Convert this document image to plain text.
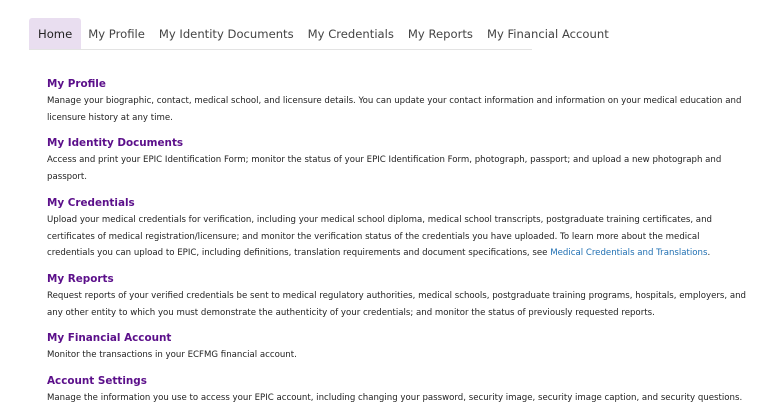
Home	My Profile	My Identity Documents	My Credentials	My Reports	My Financial Account
My Profile

Manage your biographic, contact, medical school, and licensure details. You can update your contact information and information on your medical education and licensure history at any time.

My Identity Documents

Access and print your EPIC Identification Form; monitor the status of your EPIC Identification Form, photograph, passport; and upload a new photograph and passport.

My Credentials

Upload your medical credentials for verification, including your medical school diploma, medical school transcripts, postgraduate training certificates, and certificates of medical registration/licensure; and monitor the verification status of the credentials you have uploaded. To learn more about the medical credentials you can upload to EPIC, including definitions, translation requirements and document specifications, see Medical Credentials and Translations.

My Reports

Request reports of your verified credentials be sent to medical regulatory authorities, medical schools, postgraduate training programs, hospitals, employers, and any other entity to which you must demonstrate the authenticity of your credentials; and monitor the status of previously requested reports.

My Financial Account

Monitor the transactions in your ECFMG financial account.

Account Settings

Manage the information you use to access your EPIC account, including changing your password, security image, security image caption, and security questions.
